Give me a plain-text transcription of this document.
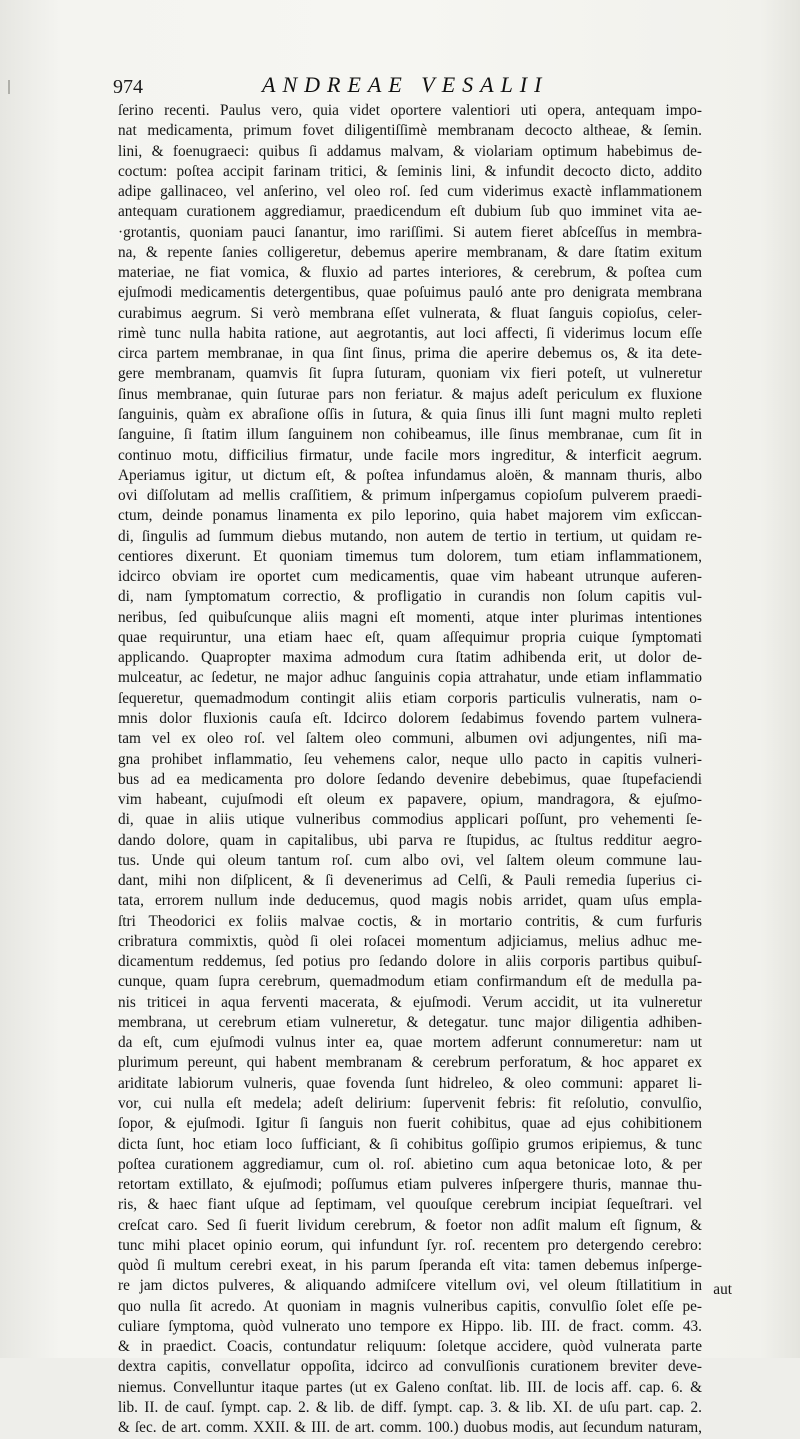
974	ANDREAE VESALII
ſerino recenti. Paulus vero, quia videt oportere valentiori uti opera, antequam impo-
nat medicamenta, primum fovet diligentiſſimè membranam decocto altheae, & ſemin.
lini, & foenugraeci: quibus ſi addamus malvam, & violariam optimum habebimus de-
coctum: poſtea accipit farinam tritici, & ſeminis lini, & infundit decocto dicto, addito
adipe gallinaceo, vel anſerino, vel oleo roſ. ſed cum viderimus exactè inflammationem
antequam curationem aggrediamur, praedicendum eſt dubium ſub quo imminet vita ae-
·grotantis, quoniam pauci ſanantur, imo rariſſimi. Si autem fieret abſceſſus in membra-
na, & repente ſanies colligeretur, debemus aperire membranam, & dare ſtatim exitum
materiae, ne fiat vomica, & fluxio ad partes interiores, & cerebrum, & poſtea cum
ejuſmodi medicamentis detergentibus, quae poſuimus pauló ante pro denigrata membrana
curabimus aegrum. Si verò membrana eſſet vulnerata, & fluat ſanguis copioſus, celer-
rimè tunc nulla habita ratione, aut aegrotantis, aut loci affecti, ſi viderimus locum eſſe
circa partem membranae, in qua ſint ſinus, prima die aperire debemus os, & ita dete-
gere membranam, quamvis ſit ſupra ſuturam, quoniam vix fieri poteſt, ut vulneretur
ſinus membranae, quin ſuturae pars non feriatur. & majus adeſt periculum ex fluxione
ſanguinis, quàm ex abraſione oſſis in ſutura, & quia ſinus illi ſunt magni multo repleti
ſanguine, ſi ſtatim illum ſanguinem non cohibeamus, ille ſinus membranae, cum ſit in
continuo motu, difficilius firmatur, unde facile mors ingreditur, & interficit aegrum.
Aperiamus igitur, ut dictum eſt, & poſtea infundamus aloën, & mannam thuris, albo
ovi diſſolutam ad mellis craſſitiem, & primum inſpergamus copioſum pulverem praedi-
ctum, deinde ponamus linamenta ex pilo leporino, quia habet majorem vim exſiccan-
di, ſingulis ad ſummum diebus mutando, non autem de tertio in tertium, ut quidam re-
centiores dixerunt. Et quoniam timemus tum dolorem, tum etiam inflammationem,
idcirco obviam ire oportet cum medicamentis, quae vim habeant utrunque auferen-
di, nam ſymptomatum correctio, & profligatio in curandis non ſolum capitis vul-
neribus, ſed quibuſcunque aliis magni eſt momenti, atque inter plurimas intentiones
quae requiruntur, una etiam haec eſt, quam aſſequimur propria cuique ſymptomati
applicando. Quapropter maxima admodum cura ſtatim adhibenda erit, ut dolor de-
mulceatur, ac ſedetur, ne major adhuc ſanguinis copia attrahatur, unde etiam inflammatio
ſequeretur, quemadmodum contingit aliis etiam corporis particulis vulneratis, nam o-
mnis dolor fluxionis cauſa eſt. Idcirco dolorem ſedabimus fovendo partem vulnera-
tam vel ex oleo roſ. vel ſaltem oleo communi, albumen ovi adjungentes, niſi ma-
gna prohibet inflammatio, ſeu vehemens calor, neque ullo pacto in capitis vulneri-
bus ad ea medicamenta pro dolore ſedando devenire debebimus, quae ſtupefaciendi
vim habeant, cujuſmodi eſt oleum ex papavere, opium, mandragora, & ejuſmo-
di, quae in aliis utique vulneribus commodius applicari poſſunt, pro vehementi ſe-
dando dolore, quam in capitalibus, ubi parva re ſtupidus, ac ſtultus redditur aegro-
tus. Unde qui oleum tantum roſ. cum albo ovi, vel ſaltem oleum commune lau-
dant, mihi non diſplicent, & ſi devenerimus ad Celſi, & Pauli remedia ſuperius ci-
tata, errorem nullum inde deducemus, quod magis nobis arridet, quam uſus empla-
ſtri Theodorici ex foliis malvae coctis, & in mortario contritis, & cum furfuris
cribratura commixtis, quòd ſi olei roſacei momentum adjiciamus, melius adhuc me-
dicamentum reddemus, ſed potius pro ſedando dolore in aliis corporis partibus quibuſ-
cunque, quam ſupra cerebrum, quemadmodum etiam confirmandum eſt de medulla pa-
nis triticei in aqua ferventi macerata, & ejuſmodi. Verum accidit, ut ita vulneretur
membrana, ut cerebrum etiam vulneretur, & detegatur. tunc major diligentia adhiben-
da eſt, cum ejuſmodi vulnus inter ea, quae mortem adferunt connumeretur: nam ut
plurimum pereunt, qui habent membranam & cerebrum perforatum, & hoc apparet ex
ariditate labiorum vulneris, quae fovenda ſunt hidreleo, & oleo communi: apparet li-
vor, cui nulla eſt medela; adeſt delirium: ſupervenit febris: fit reſolutio, convulſio,
ſopor, & ejuſmodi. Igitur ſi ſanguis non fuerit cohibitus, quae ad ejus cohibitionem
dicta ſunt, hoc etiam loco ſufficiant, & ſi cohibitus goſſipio grumos eripiemus, & tunc
poſtea curationem aggrediamur, cum ol. roſ. abietino cum aqua betonicae loto, & per
retortam extillato, & ejuſmodi; poſſumus etiam pulveres inſpergere thuris, mannae thu-
ris, & haec fiant uſque ad ſeptimam, vel quouſque cerebrum incipiat ſequeſtrari. vel
creſcat caro. Sed ſi fuerit lividum cerebrum, & foetor non adſit malum eſt ſignum, &
tunc mihi placet opinio eorum, qui infundunt ſyr. roſ. recentem pro detergendo cerebro:
quòd ſi multum cerebri exeat, in his parum ſperanda eſt vita: tamen debemus inſperge-
re jam dictos pulveres, & aliquando admiſcere vitellum ovi, vel oleum ſtillatitium in
quo nulla ſit acredo. At quoniam in magnis vulneribus capitis, convulſio ſolet eſſe pe-
culiare ſymptoma, quòd vulnerato uno tempore ex Hippo. lib. III. de fract. comm. 43.
& in praedict. Coacis, contundatur reliquum: ſoletque accidere, quòd vulnerata parte
dextra capitis, convellatur oppoſita, idcirco ad convulſionis curationem breviter deve-
niemus. Convelluntur itaque partes (ut ex Galeno conſtat. lib. III. de locis aff. cap. 6. &
lib. II. de cauſ. ſympt. cap. 2. & lib. de diff. ſympt. cap. 3. & lib. XI. de uſu part. cap. 2.
& ſec. de art. comm. XXII. & III. de art. comm. 100.) duobus modis, aut ſecundum naturam,
aut
